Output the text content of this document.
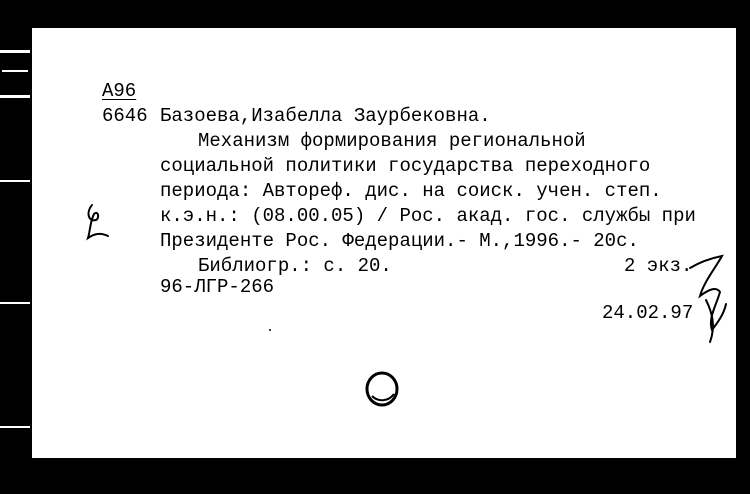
А96
6646 Базоева,Изабелла Заурбековна.
Механизм формирования региональной
социальной политики государства переходного
периода: Автореф. дис. на соиск. учен. степ.
к.э.н.: (08.00.05) / Рос. акад. гос. службы при
Президенте Рос. Федерации.- М.,1996.- 20с.
Библиогр.: с. 20.	2 экз.
96-ЛГР-266
24.02.97
